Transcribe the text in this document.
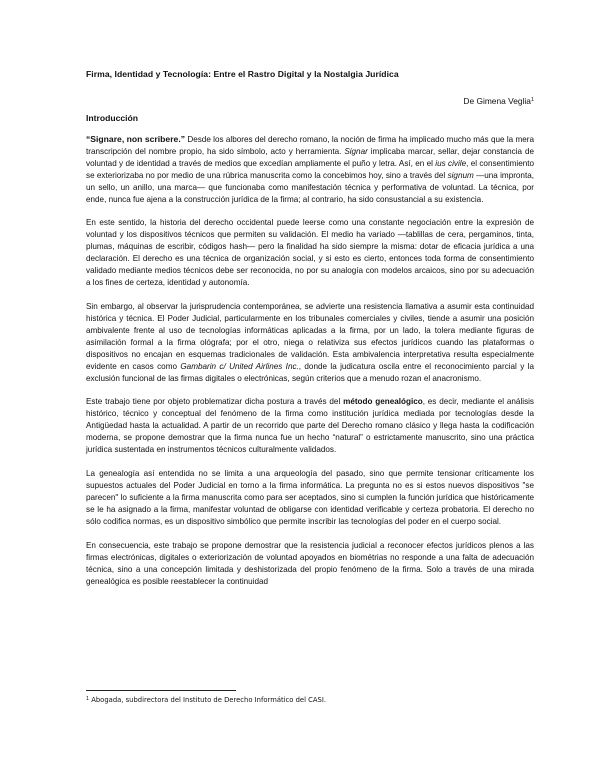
Firma, Identidad y Tecnología: Entre el Rastro Digital y la Nostalgia Jurídica
De Gimena Veglia$^1$
Introducción

“Signare, non scribere.” Desde los albores del derecho romano, la noción de firma ha implicado mucho más que la mera transcripción del nombre propio, ha sido símbolo, acto y herramienta. Signar implicaba marcar, sellar, dejar constancia de voluntad y de identidad a través de medios que excedían ampliamente el puño y letra. Así, en el ius civile, el consentimiento se exteriorizaba no por medio de una rúbrica manuscrita como la concebimos hoy, sino a través del signum —una impronta, un sello, un anillo, una marca— que funcionaba como manifestación técnica y performativa de voluntad. La técnica, por ende, nunca fue ajena a la construcción jurídica de la firma; al contrario, ha sido consustancial a su existencia.

En este sentido, la historia del derecho occidental puede leerse como una constante negociación entre la expresión de voluntad y los dispositivos técnicos que permiten su validación. El medio ha variado —tablillas de cera, pergaminos, tinta, plumas, máquinas de escribir, códigos hash— pero la finalidad ha sido siempre la misma: dotar de eficacia jurídica a una declaración. El derecho es una técnica de organización social, y si esto es cierto, entonces toda forma de consentimiento validado mediante medios técnicos debe ser reconocida, no por su analogía con modelos arcaicos, sino por su adecuación a los fines de certeza, identidad y autonomía.

Sin embargo, al observar la jurisprudencia contemporánea, se advierte una resistencia llamativa a asumir esta continuidad histórica y técnica. El Poder Judicial, particularmente en los tribunales comerciales y civiles, tiende a asumir una posición ambivalente frente al uso de tecnologías informáticas aplicadas a la firma, por un lado, la tolera mediante figuras de asimilación formal a la firma ológrafa; por el otro, niega o relativiza sus efectos jurídicos cuando las plataformas o dispositivos no encajan en esquemas tradicionales de validación. Esta ambivalencia interpretativa resulta especialmente evidente en casos como Gambarin c/ United Airlines Inc., donde la judicatura oscila entre el reconocimiento parcial y la exclusión funcional de las firmas digitales o electrónicas, según criterios que a menudo rozan el anacronismo.

Este trabajo tiene por objeto problematizar dicha postura a través del método genealógico, es decir, mediante el análisis histórico, técnico y conceptual del fenómeno de la firma como institución jurídica mediada por tecnologías desde la Antigüedad hasta la actualidad. A partir de un recorrido que parte del Derecho romano clásico y llega hasta la codificación moderna, se propone demostrar que la firma nunca fue un hecho “natural” o estrictamente manuscrito, sino una práctica jurídica sustentada en instrumentos técnicos culturalmente validados.

La genealogía así entendida no se limita a una arqueología del pasado, sino que permite tensionar críticamente los supuestos actuales del Poder Judicial en torno a la firma informática. La pregunta no es si estos nuevos dispositivos "se parecen" lo suficiente a la firma manuscrita como para ser aceptados, sino si cumplen la función jurídica que históricamente se le ha asignado a la firma, manifestar voluntad de obligarse con identidad verificable y certeza probatoria. El derecho no sólo codifica normas, es un dispositivo simbólico que permite inscribir las tecnologías del poder en el cuerpo social.

En consecuencia, este trabajo se propone demostrar que la resistencia judicial a reconocer efectos jurídicos plenos a las firmas electrónicas, digitales o exteriorización de voluntad apoyados en biométrias no responde a una falta de adecuación técnica, sino a una concepción limitada y deshistorizada del propio fenómeno de la firma. Solo a través de una mirada genealógica es posible reestablecer la continuidad

$^1$ Abogada, subdirectora del Instituto de Derecho Informático del CASI.
